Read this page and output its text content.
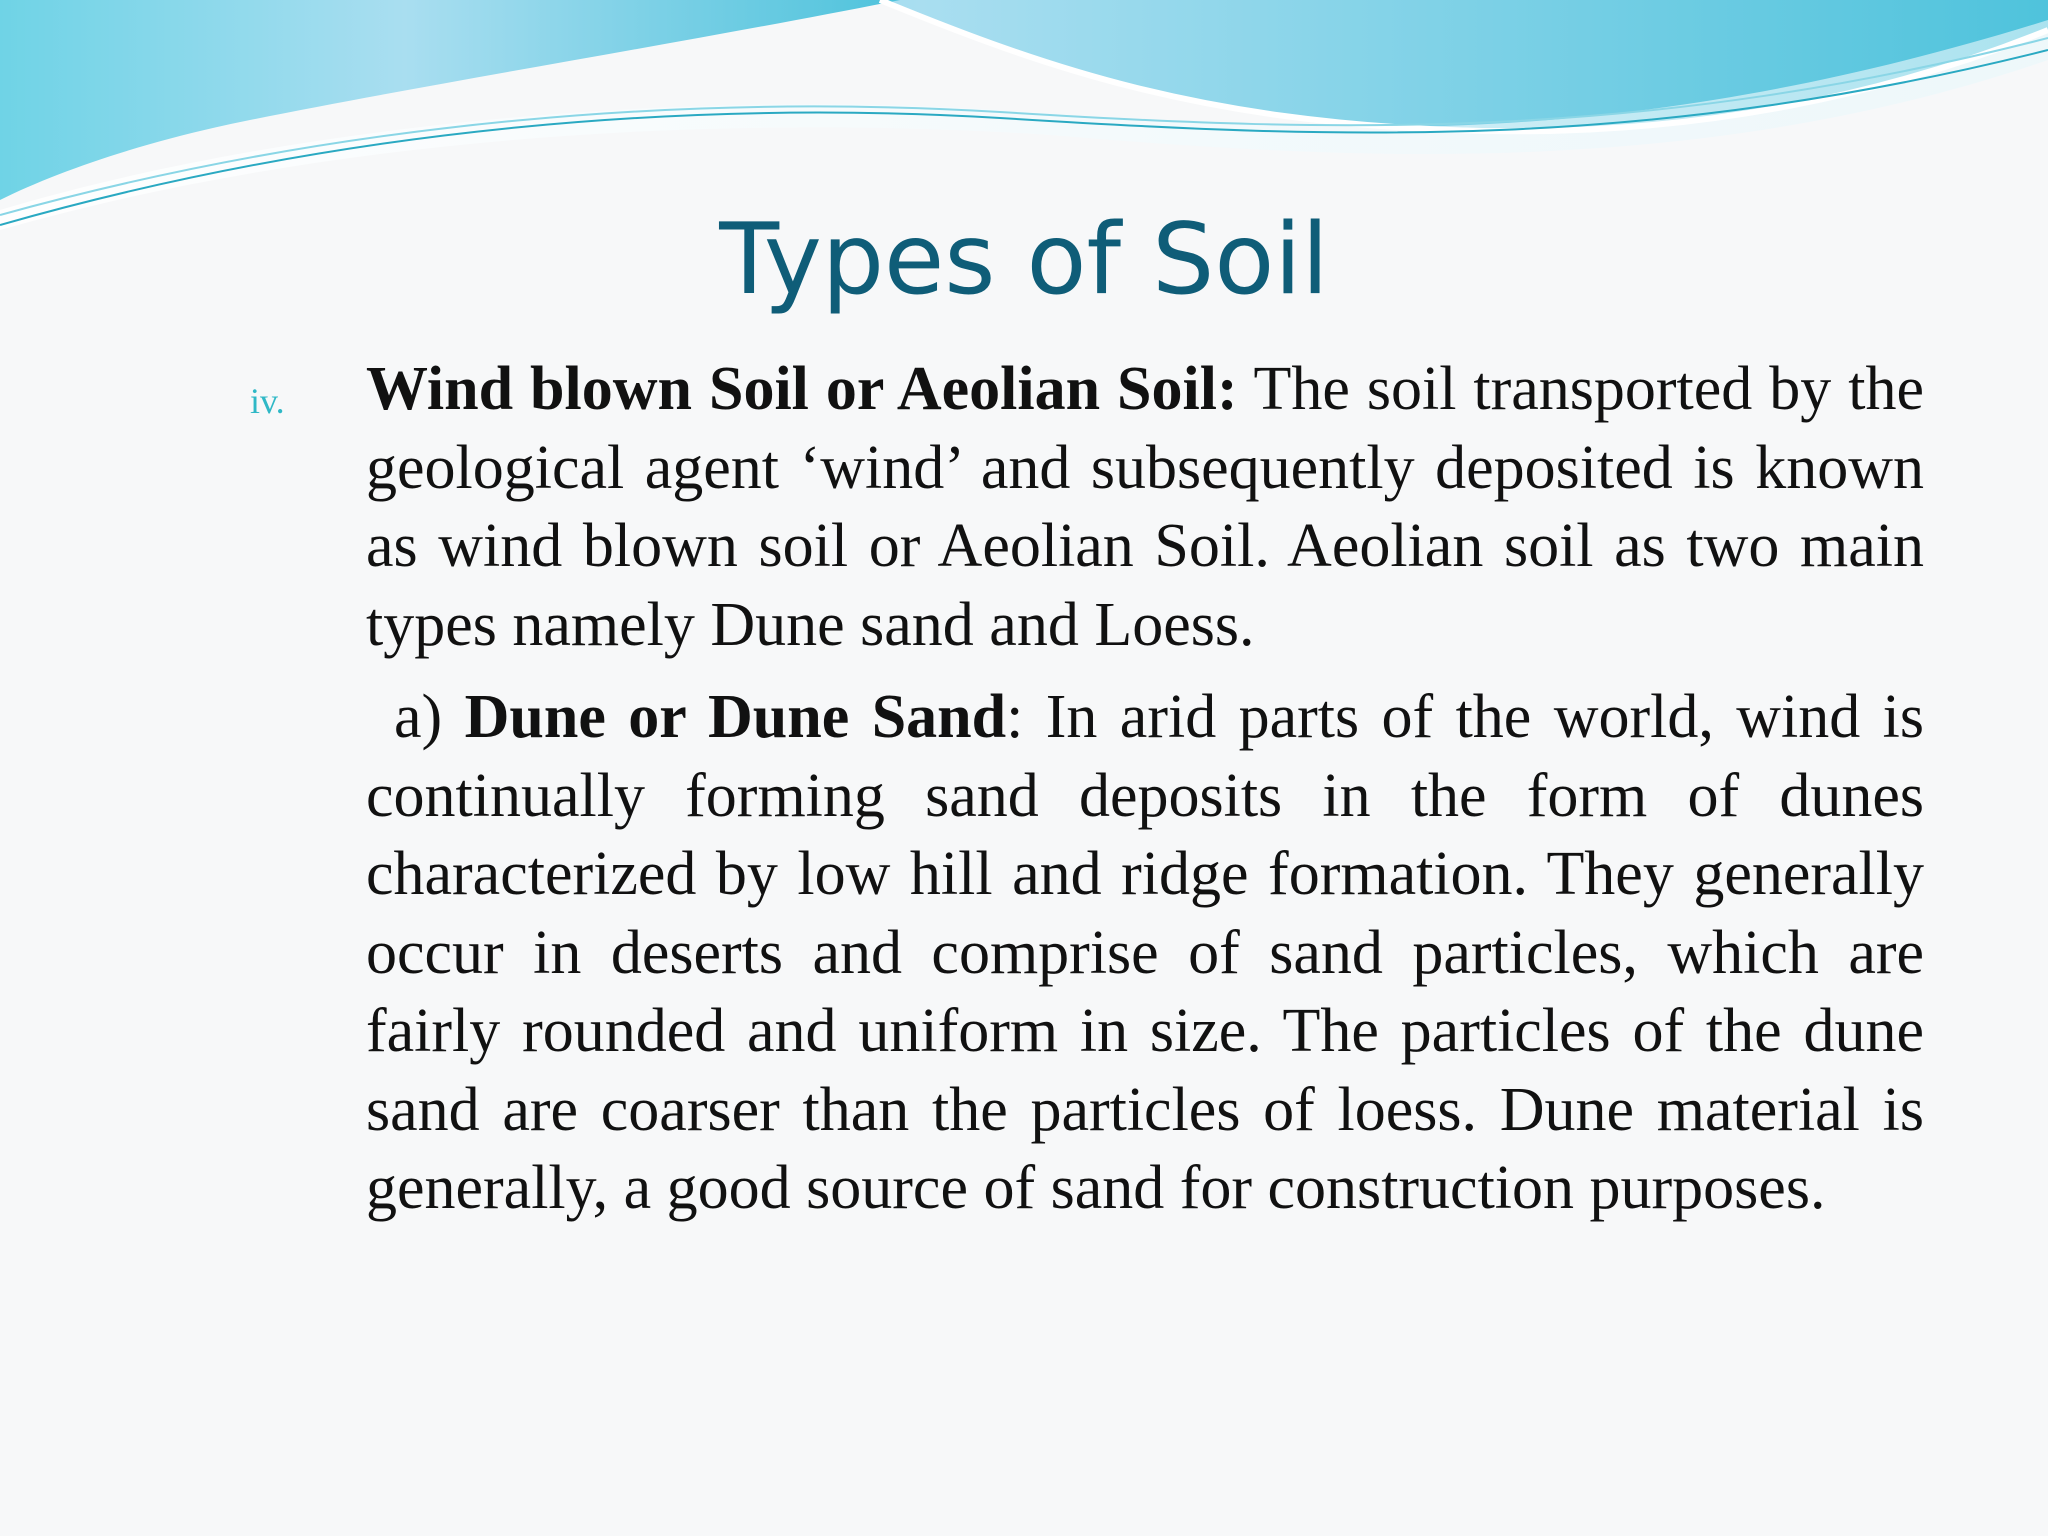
Types of Soil
iv. Wind blown Soil or Aeolian Soil: The soil transported by the geological agent ‘wind’ and subsequently deposited is known as wind blown soil or Aeolian Soil. Aeolian soil as two main types namely Dune sand and Loess.

a) Dune or Dune Sand: In arid parts of the world, wind is continually forming sand deposits in the form of dunes characterized by low hill and ridge formation. They generally occur in deserts and comprise of sand particles, which are fairly rounded and uniform in size. The particles of the dune sand are coarser than the particles of loess. Dune material is generally, a good source of sand for construction purposes.
